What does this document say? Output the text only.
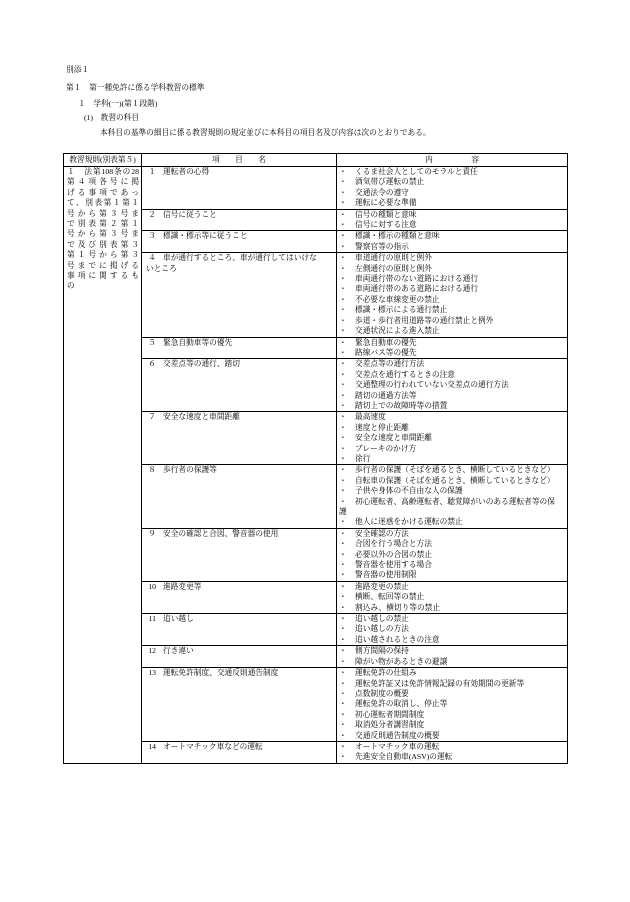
別添１
第１　第一種免許に係る学科教習の標準
１　学科(一)(第１段階)
(1)　教習の科目
本科目の基準の細目に係る教習規則の規定並びに本科目の項目名及び内容は次のとおりである。
教習規則(別表第５)	項　　目　　名	内　　　　　容
１　法第108条の28
第４項各号に掲
げる事項であっ
て、別表第１第１
号から第３号ま
で別表第２第１
号から第３号ま
で及び別表第３
第１号から第３
号までに掲げる
事項に関するも
の
１ 運転者の心得	・ くるま社会人としてのモラルと責任
・ 酒気帯び運転の禁止
・ 交通法令の遵守
・ 運転に必要な準備
２ 信号に従うこと	・ 信号の種類と意味
・ 信号に対する注意
３ 標識・標示等に従うこと	・ 標識・標示の種類と意味
・ 警察官等の指示
４ 車が通行するところ、車が通行してはいけないところ
・ 車道通行の原則と例外
・ 左側通行の原則と例外
・ 車両通行帯のない道路における通行
・ 車両通行帯のある道路における通行
・ 不必要な車線変更の禁止
・ 標識・標示による通行禁止
・ 歩道・歩行者用道路等の通行禁止と例外
・ 交通状況による進入禁止
５ 緊急自動車等の優先	・ 緊急自動車の優先
・ 路線バス等の優先
６ 交差点等の通行、踏切	・ 交差点等の通行方法
・ 交差点を通行するときの注意
・ 交通整理の行われていない交差点の通行方法
・ 踏切の通過方法等
・ 踏切上での故障時等の措置
７ 安全な速度と車間距離	・ 最高速度
・ 速度と停止距離
・ 安全な速度と車間距離
・ ブレーキのかけ方
・ 徐行
８ 歩行者の保護等	・ 歩行者の保護（そばを通るとき、横断しているときなど）
・ 自転車の保護（そばを通るとき、横断しているときなど）
・ 子供や身体の不自由な人の保護
・ 初心運転者、高齢運転者、聴覚障がいのある運転者等の保護
・ 他人に迷惑をかける運転の禁止
９ 安全の確認と合図、警音器の使用	・ 安全確認の方法
・ 合図を行う場合と方法
・ 必要以外の合図の禁止
・ 警音器を使用する場合
・ 警音器の使用制限
10 進路変更等	・ 進路変更の禁止
・ 横断、転回等の禁止
・ 割込み、横切り等の禁止
11 追い越し	・ 追い越しの禁止
・ 追い越しの方法
・ 追い越されるときの注意
12 行き違い	・ 側方間隔の保持
・ 障がい物があるときの避譲
13 運転免許制度、交通反則通告制度	・ 運転免許の仕組み
・ 運転免許証又は免許情報記録の有効期間の更新等
・ 点数制度の概要
・ 運転免許の取消し、停止等
・ 初心運転者期間制度
・ 取消処分者講習制度
・ 交通反則通告制度の概要
14 オートマチック車などの運転	・ オートマチック車の運転
・ 先進安全自動車(ASV)の運転
